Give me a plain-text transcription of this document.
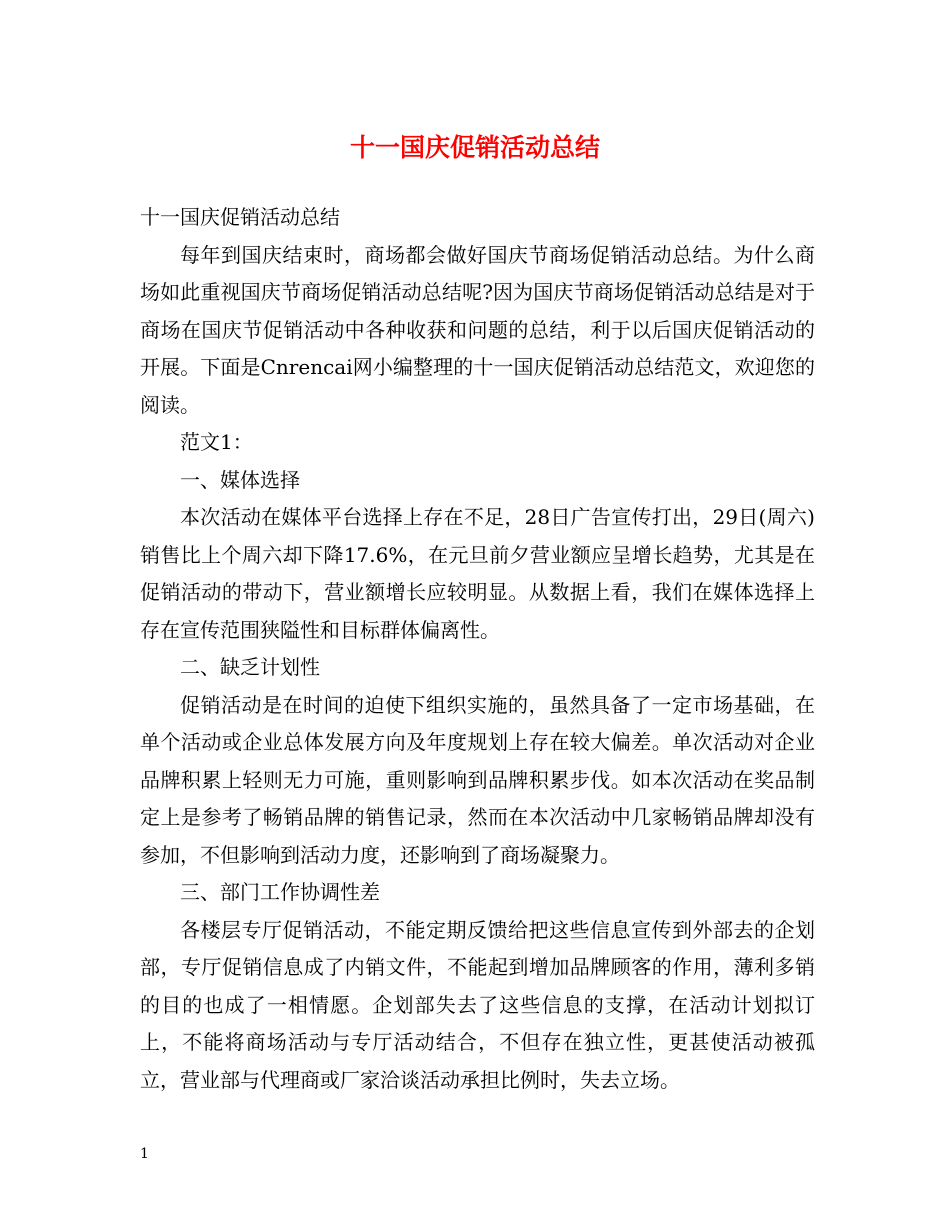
十一国庆促销活动总结

十一国庆促销活动总结

每年到国庆结束时，商场都会做好国庆节商场促销活动总结。为什么商场如此重视国庆节商场促销活动总结呢?因为国庆节商场促销活动总结是对于商场在国庆节促销活动中各种收获和问题的总结，利于以后国庆促销活动的开展。下面是Cnrencai网小编整理的十一国庆促销活动总结范文，欢迎您的阅读。

范文1：

一、媒体选择

本次活动在媒体平台选择上存在不足，28日广告宣传打出，29日(周六)销售比上个周六却下降17.6%，在元旦前夕营业额应呈增长趋势，尤其是在促销活动的带动下，营业额增长应较明显。从数据上看，我们在媒体选择上存在宣传范围狭隘性和目标群体偏离性。

二、缺乏计划性

促销活动是在时间的迫使下组织实施的，虽然具备了一定市场基础，在单个活动或企业总体发展方向及年度规划上存在较大偏差。单次活动对企业品牌积累上轻则无力可施，重则影响到品牌积累步伐。如本次活动在奖品制定上是参考了畅销品牌的销售记录，然而在本次活动中几家畅销品牌却没有参加，不但影响到活动力度，还影响到了商场凝聚力。

三、部门工作协调性差

各楼层专厅促销活动，不能定期反馈给把这些信息宣传到外部去的企划部，专厅促销信息成了内销文件，不能起到增加品牌顾客的作用，薄利多销的目的也成了一相情愿。企划部失去了这些信息的支撑，在活动计划拟订上，不能将商场活动与专厅活动结合，不但存在独立性，更甚使活动被孤立，营业部与代理商或厂家洽谈活动承担比例时，失去立场。

1
